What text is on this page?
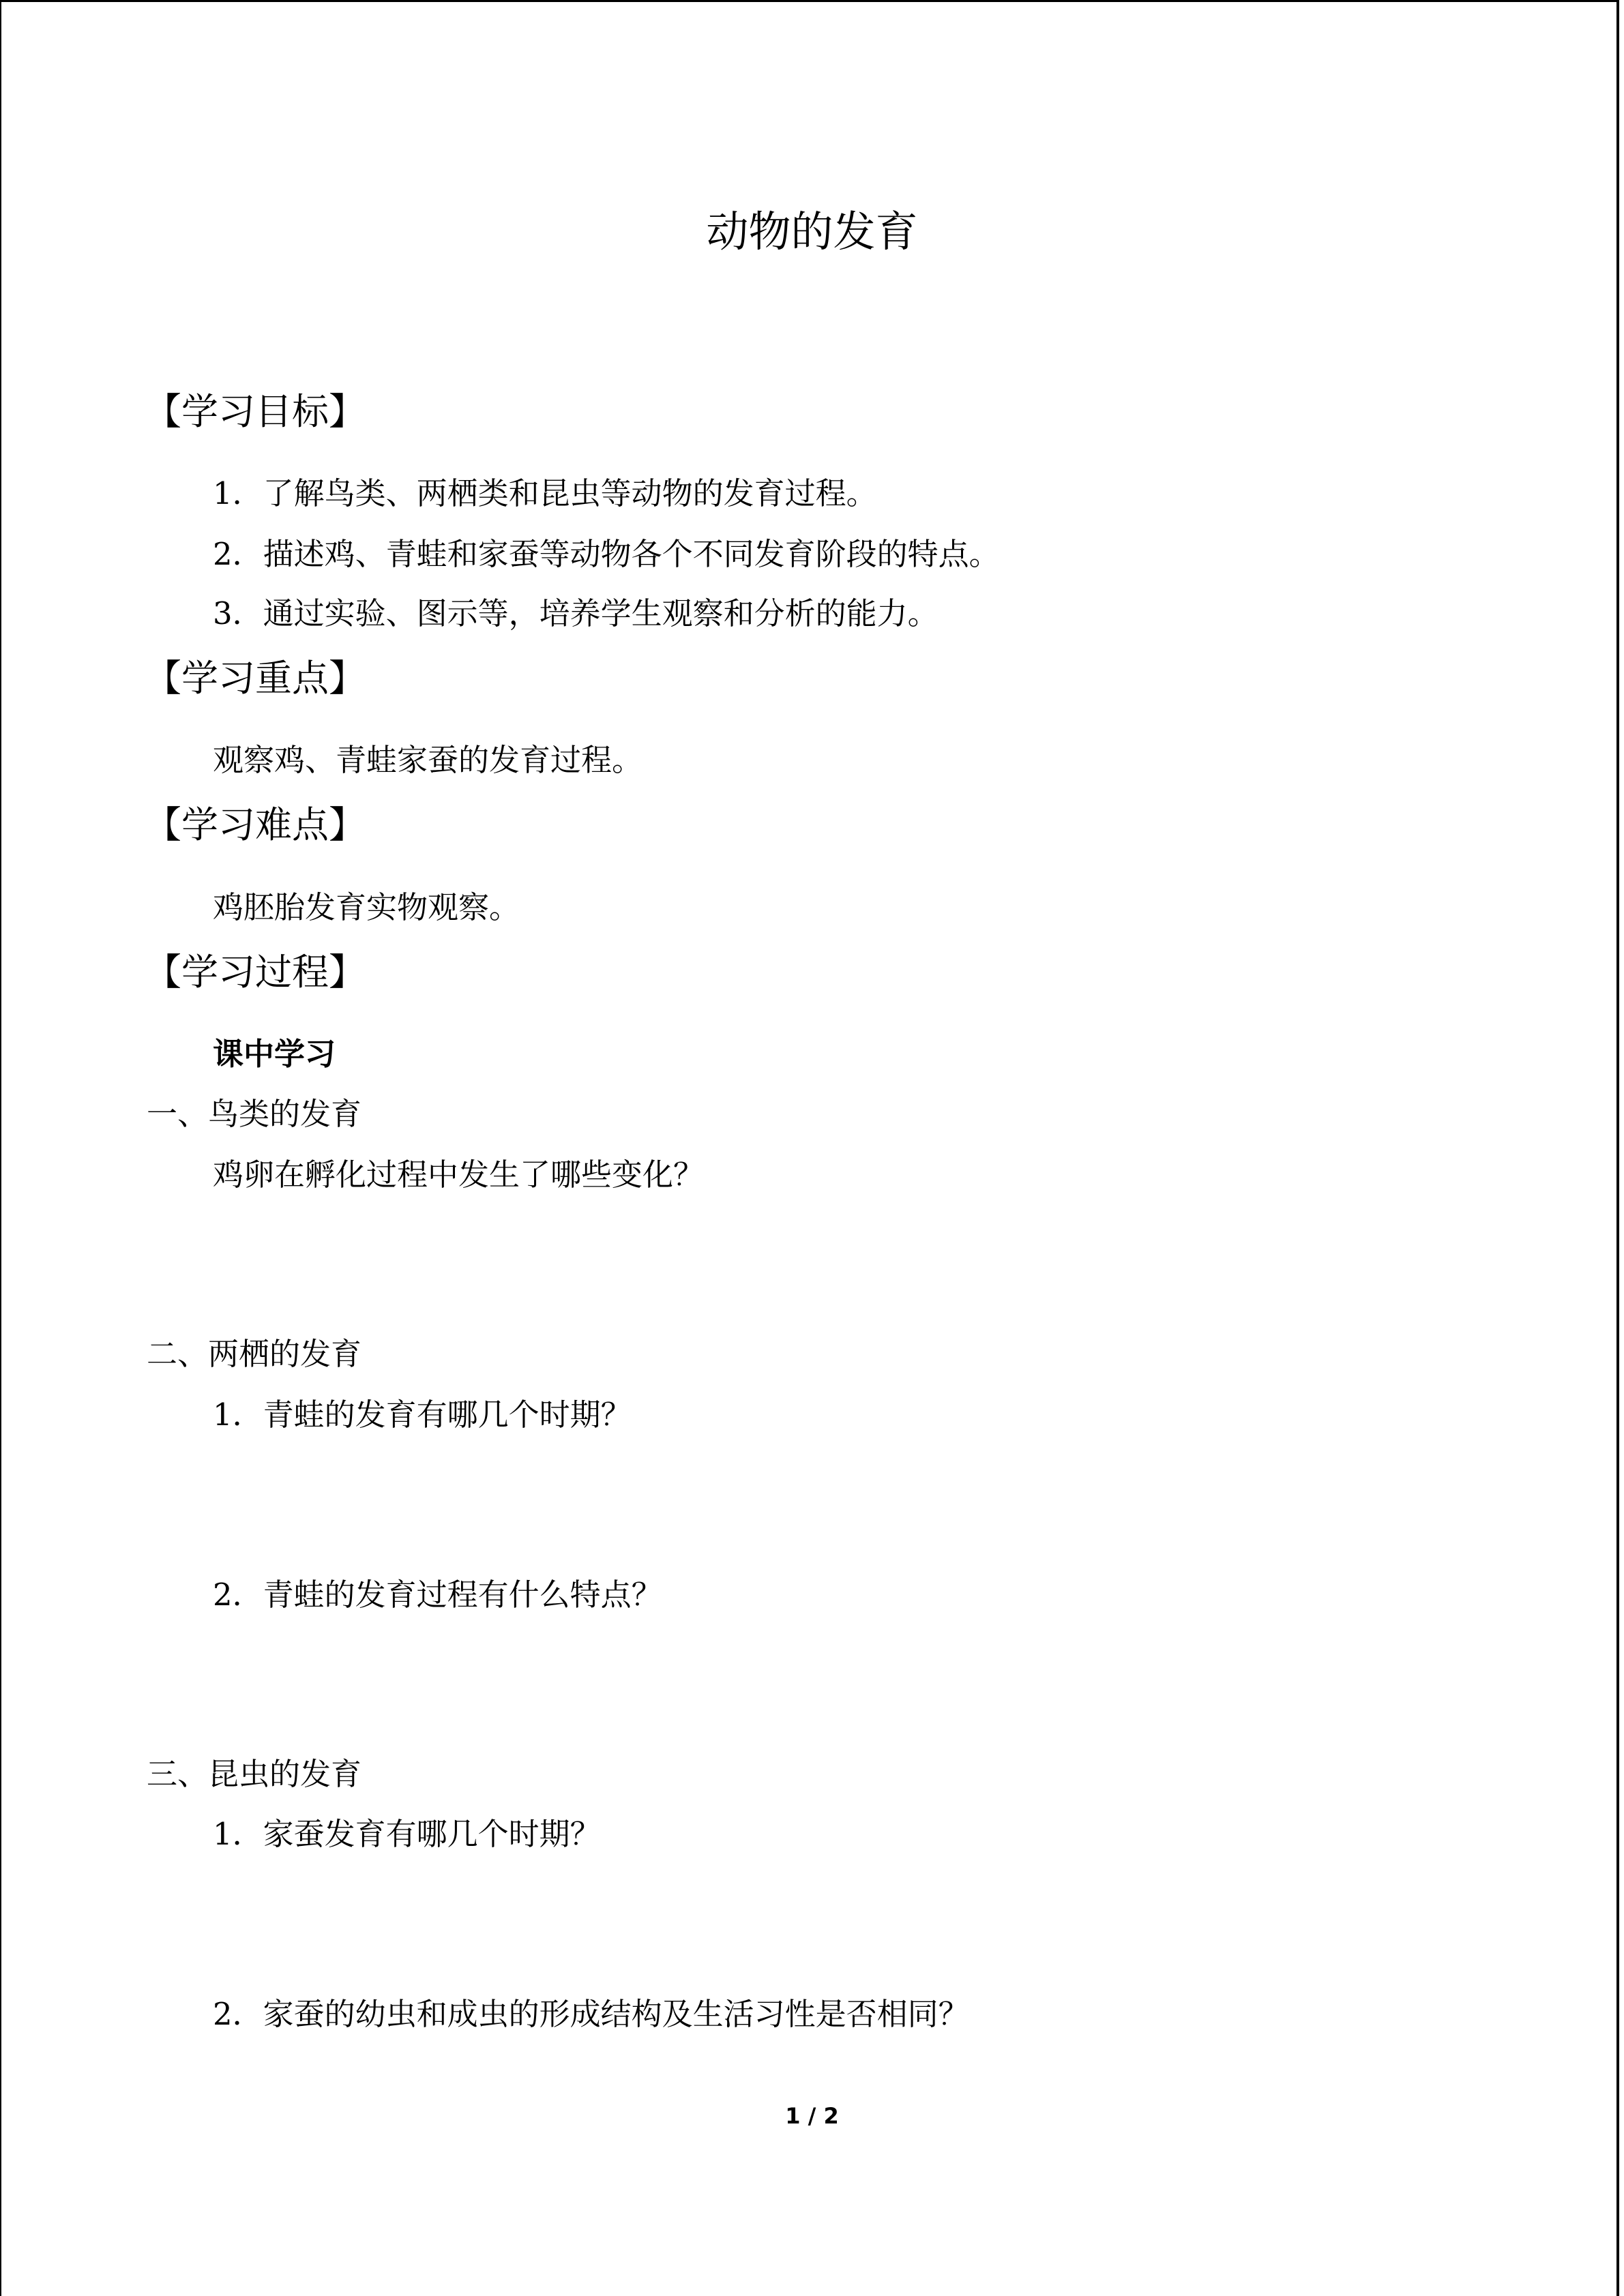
动物的发育
【学习目标】
1．了解鸟类、两栖类和昆虫等动物的发育过程。
2．描述鸡、青蛙和家蚕等动物各个不同发育阶段的特点。
3．通过实验、图示等，培养学生观察和分析的能力。
【学习重点】
观察鸡、青蛙家蚕的发育过程。
【学习难点】
鸡胚胎发育实物观察。
【学习过程】
课中学习
一、鸟类的发育
鸡卵在孵化过程中发生了哪些变化？
二、两栖的发育
1．青蛙的发育有哪几个时期？
2．青蛙的发育过程有什么特点？
三、昆虫的发育
1．家蚕发育有哪几个时期？
2．家蚕的幼虫和成虫的形成结构及生活习性是否相同？
1 / 2
